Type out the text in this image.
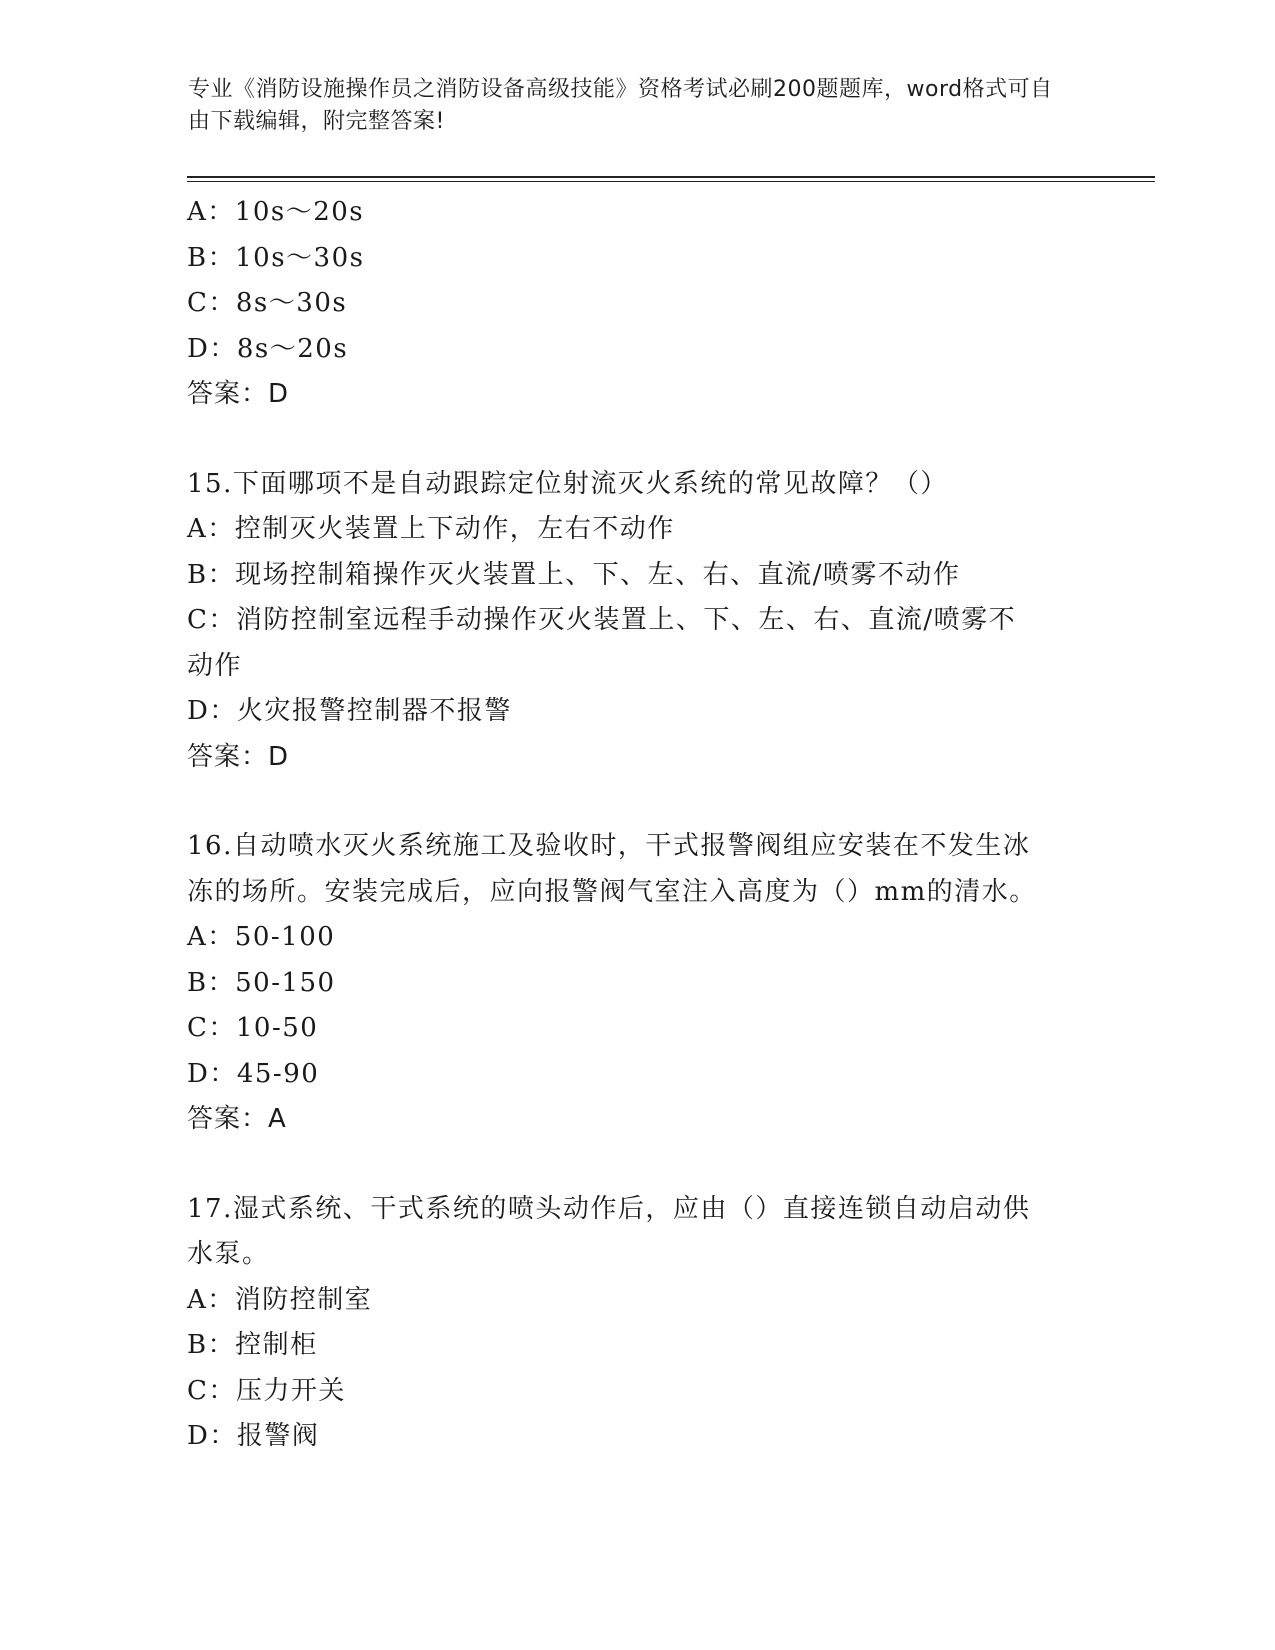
专业《消防设施操作员之消防设备高级技能》资格考试必刷200题题库，word格式可自由下载编辑，附完整答案!
A：10s～20s
B：10s～30s
C：8s～30s
D：8s～20s
答案：D
15.下面哪项不是自动跟踪定位射流灭火系统的常见故障？（）
A：控制灭火装置上下动作，左右不动作
B：现场控制箱操作灭火装置上、下、左、右、直流/喷雾不动作
C：消防控制室远程手动操作灭火装置上、下、左、右、直流/喷雾不动作
D：火灾报警控制器不报警
答案：D
16.自动喷水灭火系统施工及验收时，干式报警阀组应安装在不发生冰冻的场所。安装完成后，应向报警阀气室注入高度为（）mm的清水。
A：50-100
B：50-150
C：10-50
D：45-90
答案：A
17.湿式系统、干式系统的喷头动作后，应由（）直接连锁自动启动供水泵。
A：消防控制室
B：控制柜
C：压力开关
D：报警阀
